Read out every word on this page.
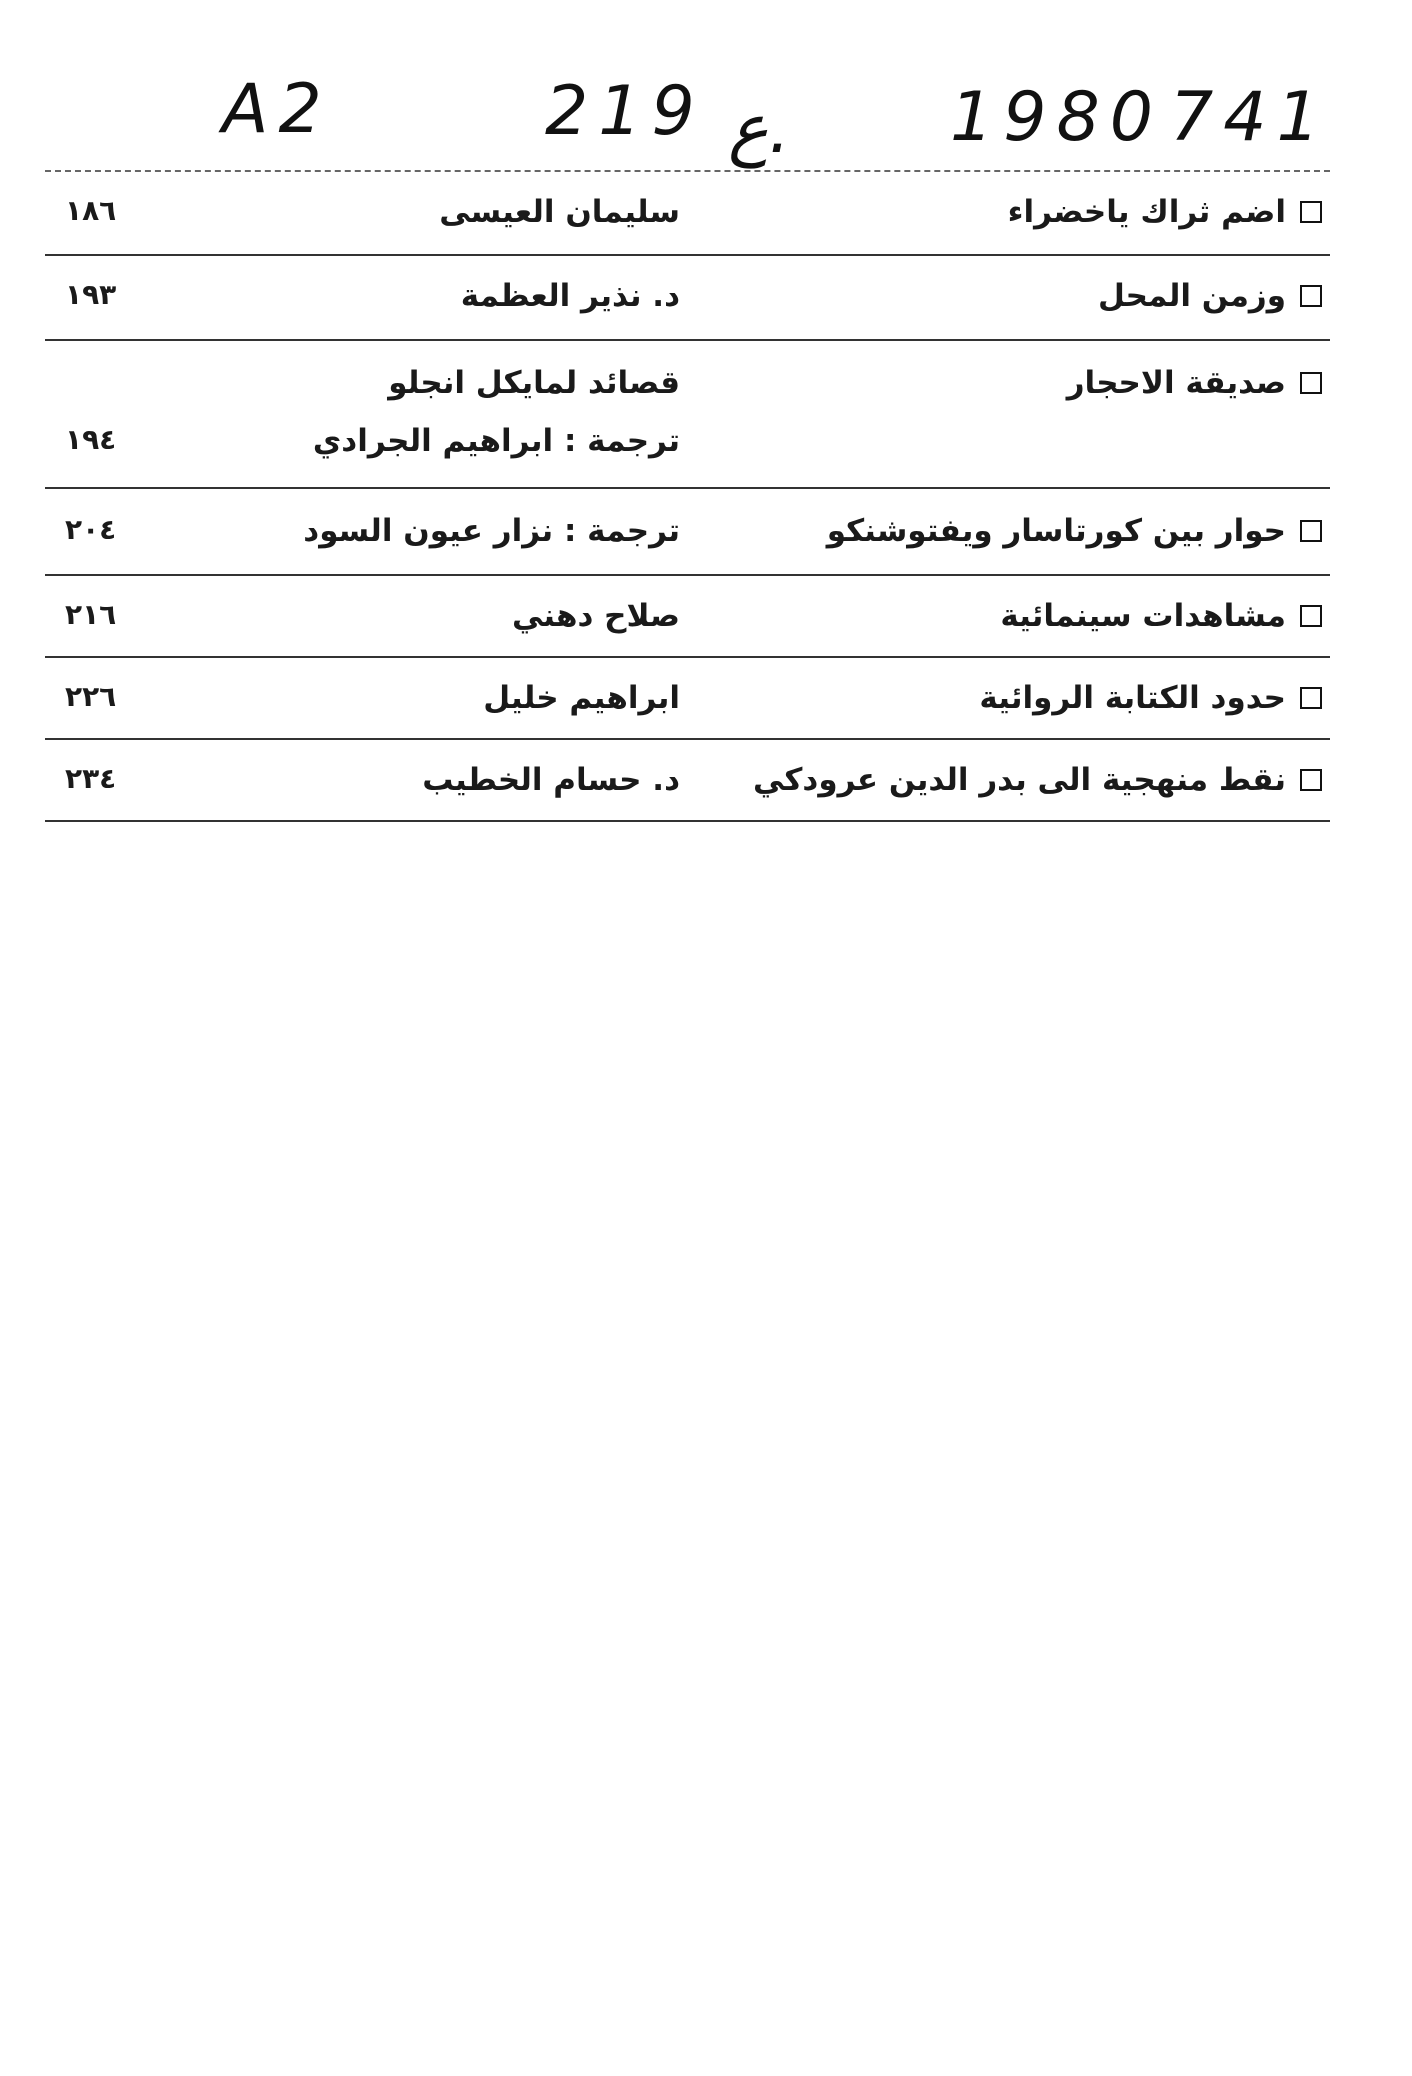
A2	219 ع. 1980 741
اضم ثراك ياخضراء
سليمان العيسى
١٨٦
وزمن المحل
د. نذير العظمة
١٩٣
صديقة الاحجار
قصائد لمايكل انجلو
ترجمة : ابراهيم الجرادي
١٩٤
حوار بين كورتاسار ويفتوشنكو
ترجمة : نزار عيون السود
٢٠٤
مشاهدات سينمائية
صلاح دهني
٢١٦
حدود الكتابة الروائية
ابراهيم خليل
٢٢٦
نقط منهجية الى بدر الدين عرودكي
د. حسام الخطيب
٢٣٤
